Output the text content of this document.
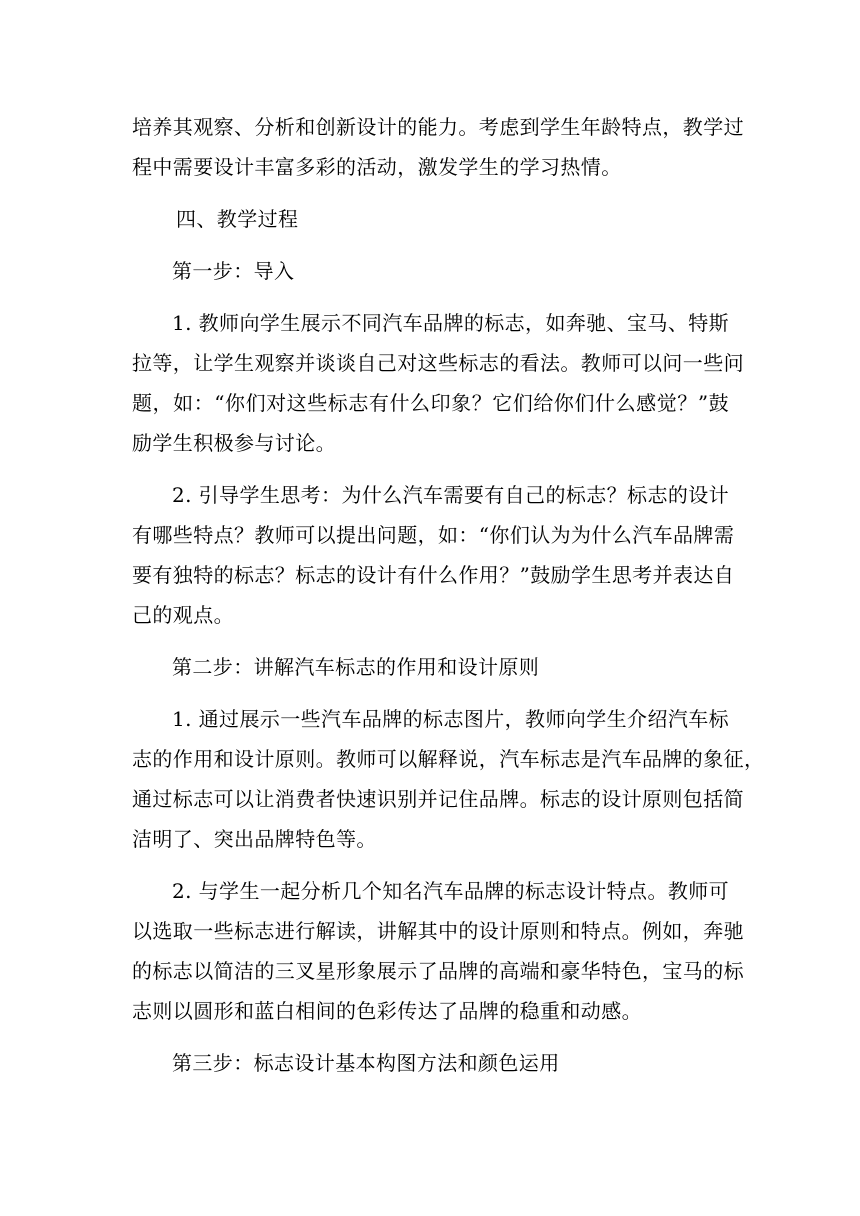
培养其观察、分析和创新设计的能力。考虑到学生年龄特点，教学过
程中需要设计丰富多彩的活动，激发学生的学习热情。
四、教学过程
第一步：导入
1. 教师向学生展示不同汽车品牌的标志，如奔驰、宝马、特斯
拉等，让学生观察并谈谈自己对这些标志的看法。教师可以问一些问
题，如：“你们对这些标志有什么印象？它们给你们什么感觉？”鼓
励学生积极参与讨论。
2. 引导学生思考：为什么汽车需要有自己的标志？标志的设计
有哪些特点？教师可以提出问题，如：“你们认为为什么汽车品牌需
要有独特的标志？标志的设计有什么作用？”鼓励学生思考并表达自
己的观点。
第二步：讲解汽车标志的作用和设计原则
1. 通过展示一些汽车品牌的标志图片，教师向学生介绍汽车标
志的作用和设计原则。教师可以解释说，汽车标志是汽车品牌的象征，
通过标志可以让消费者快速识别并记住品牌。标志的设计原则包括简
洁明了、突出品牌特色等。
2. 与学生一起分析几个知名汽车品牌的标志设计特点。教师可
以选取一些标志进行解读，讲解其中的设计原则和特点。例如，奔驰
的标志以简洁的三叉星形象展示了品牌的高端和豪华特色，宝马的标
志则以圆形和蓝白相间的色彩传达了品牌的稳重和动感。
第三步：标志设计基本构图方法和颜色运用
